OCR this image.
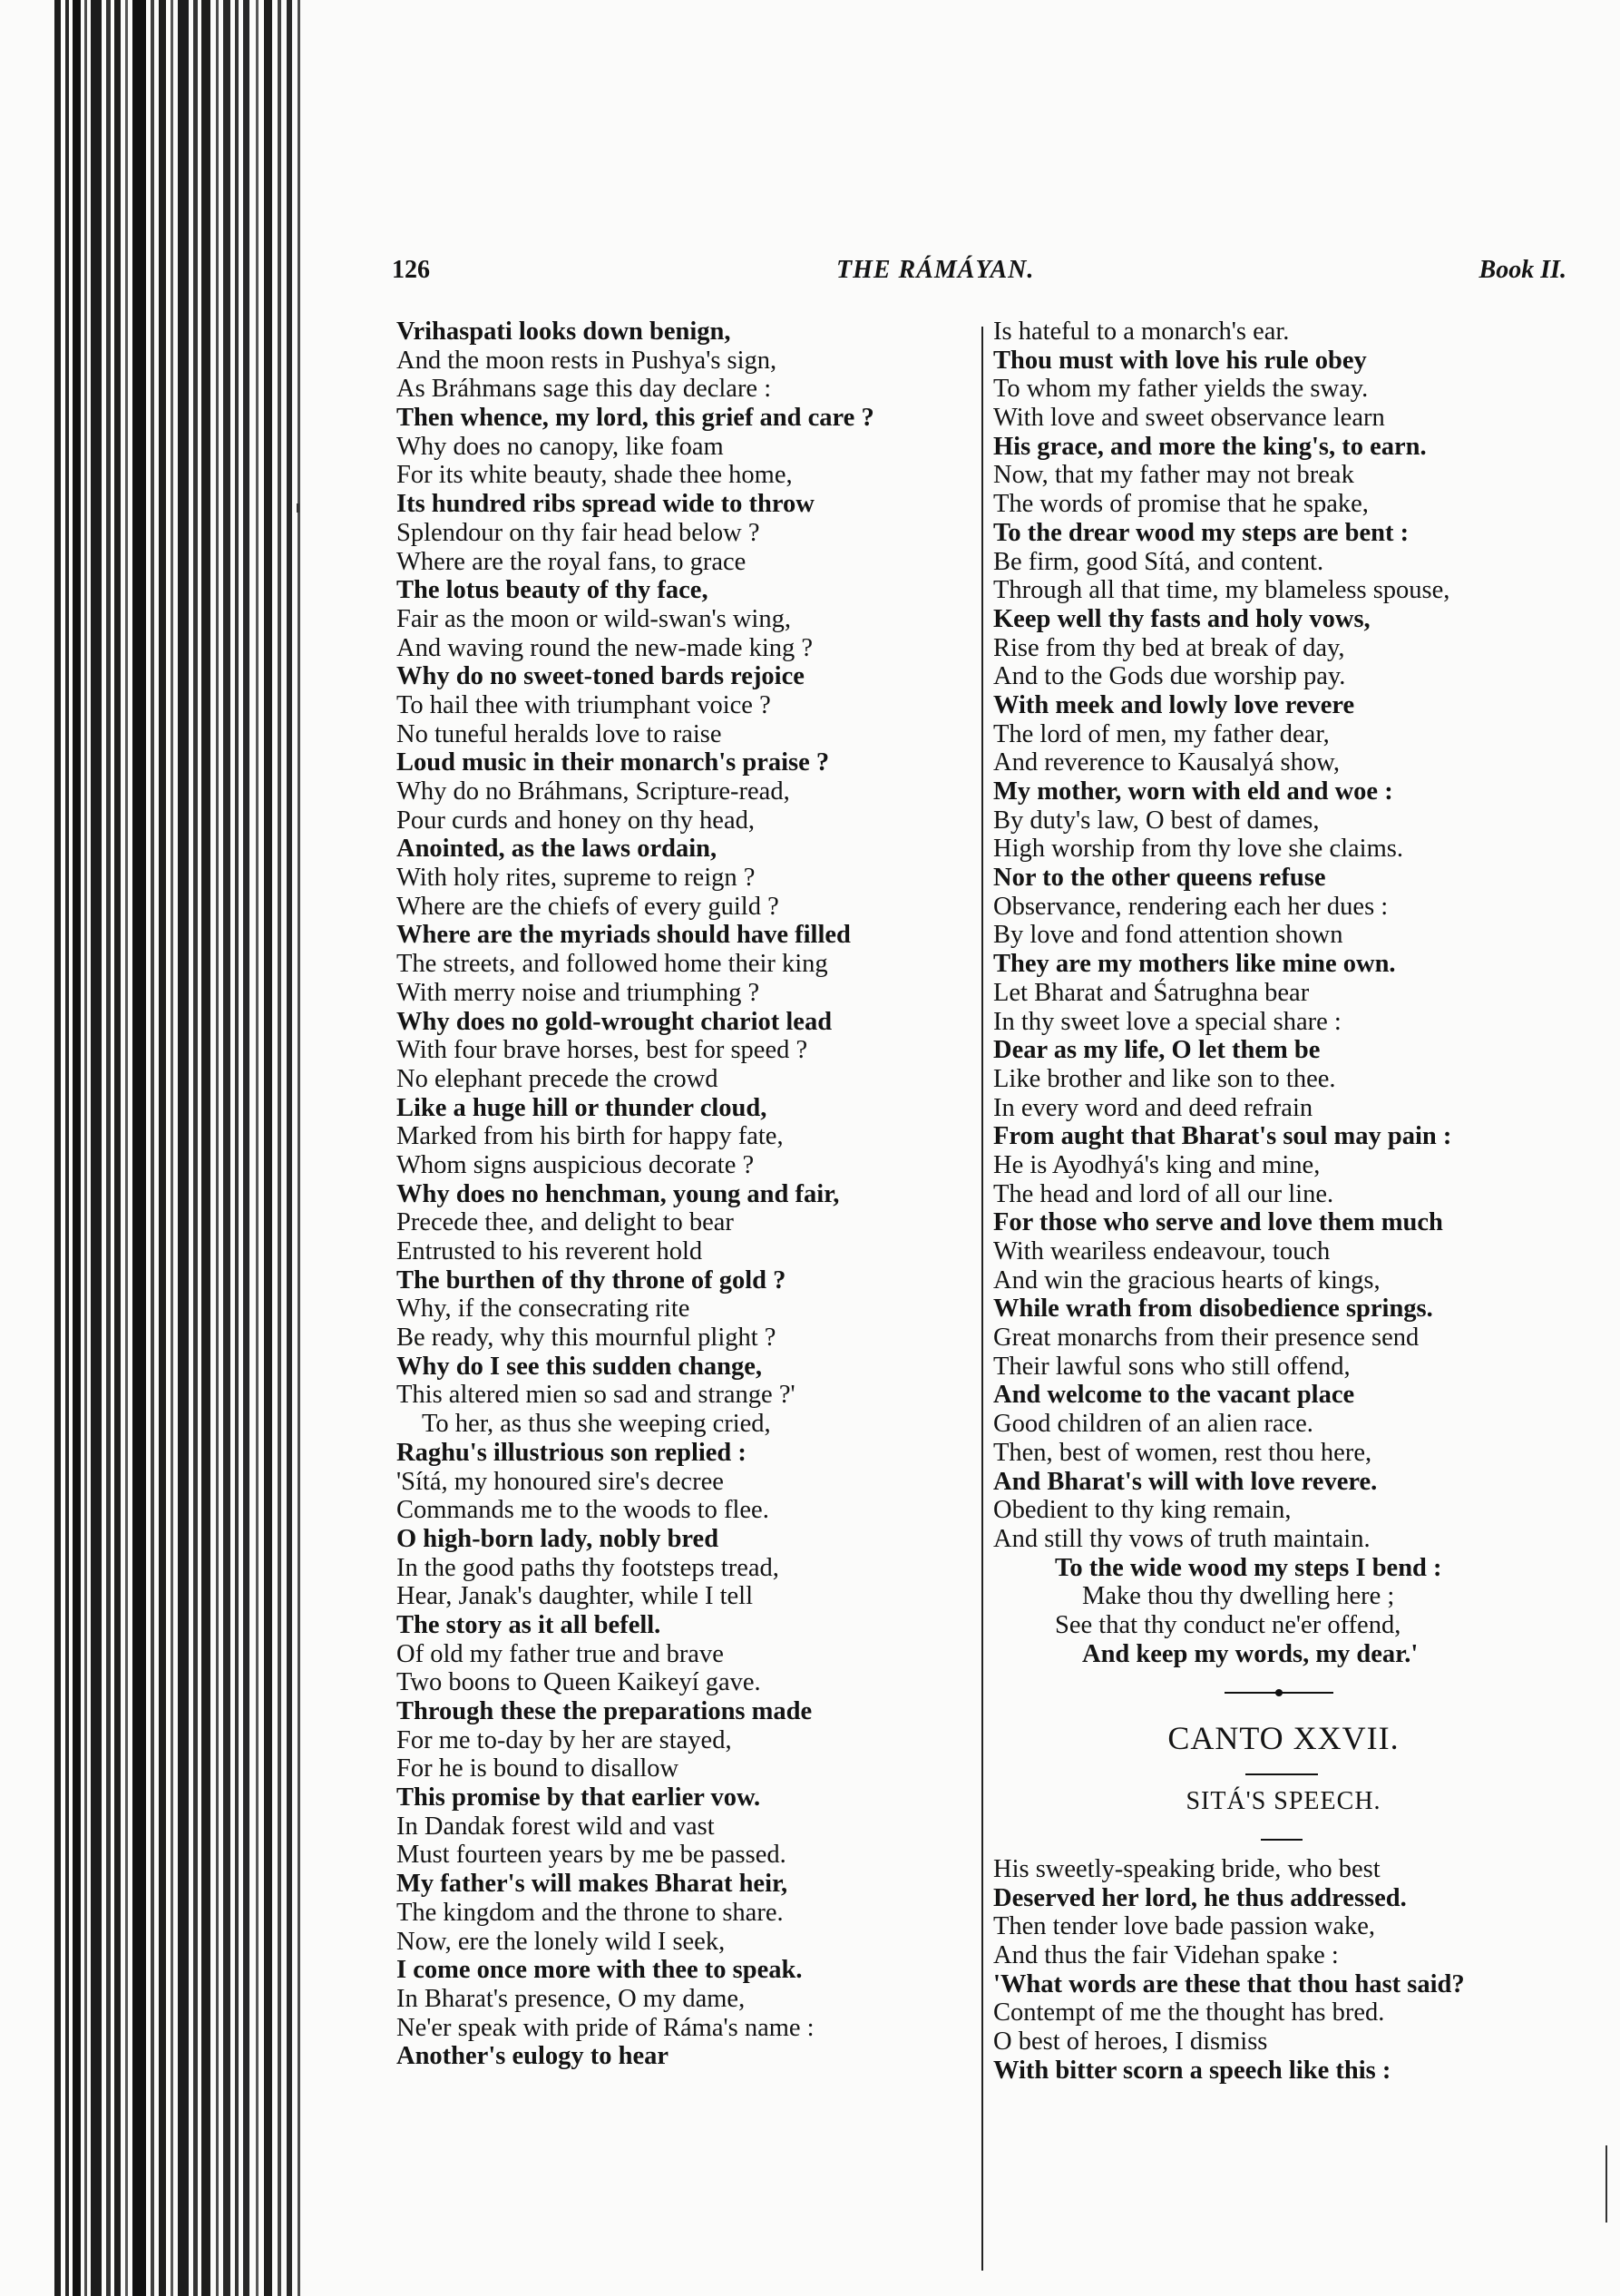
126	THE RÁMÁYAN.	Book II.
Vrihaspati looks down benign,
And the moon rests in Pushya's sign,
As Bráhmans sage this day declare :
Then whence, my lord, this grief and care ?
Why does no canopy, like foam
For its white beauty, shade thee home,
Its hundred ribs spread wide to throw
Splendour on thy fair head below ?
Where are the royal fans, to grace
The lotus beauty of thy face,
Fair as the moon or wild-swan's wing,
And waving round the new-made king ?
Why do no sweet-toned bards rejoice
To hail thee with triumphant voice ?
No tuneful heralds love to raise
Loud music in their monarch's praise ?
Why do no Bráhmans, Scripture-read,
Pour curds and honey on thy head,
Anointed, as the laws ordain,
With holy rites, supreme to reign ?
Where are the chiefs of every guild ?
Where are the myriads should have filled
The streets, and followed home their king
With merry noise and triumphing ?
Why does no gold-wrought chariot lead
With four brave horses, best for speed ?
No elephant precede the crowd
Like a huge hill or thunder cloud,
Marked from his birth for happy fate,
Whom signs auspicious decorate ?
Why does no henchman, young and fair,
Precede thee, and delight to bear
Entrusted to his reverent hold
The burthen of thy throne of gold ?
Why, if the consecrating rite
Be ready, why this mournful plight ?
Why do I see this sudden change,
This altered mien so sad and strange ?'
To her, as thus she weeping cried,
Raghu's illustrious son replied :
'Sítá, my honoured sire's decree
Commands me to the woods to flee.
O high-born lady, nobly bred
In the good paths thy footsteps tread,
Hear, Janak's daughter, while I tell
The story as it all befell.
Of old my father true and brave
Two boons to Queen Kaikeyí gave.
Through these the preparations made
For me to-day by her are stayed,
For he is bound to disallow
This promise by that earlier vow.
In Dandak forest wild and vast
Must fourteen years by me be passed.
My father's will makes Bharat heir,
The kingdom and the throne to share.
Now, ere the lonely wild I seek,
I come once more with thee to speak.
In Bharat's presence, O my dame,
Ne'er speak with pride of Ráma's name :
Another's eulogy to hear
Is hateful to a monarch's ear.
Thou must with love his rule obey
To whom my father yields the sway.
With love and sweet observance learn
His grace, and more the king's, to earn.
Now, that my father may not break
The words of promise that he spake,
To the drear wood my steps are bent :
Be firm, good Sítá, and content.
Through all that time, my blameless spouse,
Keep well thy fasts and holy vows,
Rise from thy bed at break of day,
And to the Gods due worship pay.
With meek and lowly love revere
The lord of men, my father dear,
And reverence to Kausalyá show,
My mother, worn with eld and woe :
By duty's law, O best of dames,
High worship from thy love she claims.
Nor to the other queens refuse
Observance, rendering each her dues :
By love and fond attention shown
They are my mothers like mine own.
Let Bharat and Śatrughna bear
In thy sweet love a special share :
Dear as my life, O let them be
Like brother and like son to thee.
In every word and deed refrain
From aught that Bharat's soul may pain :
He is Ayodhyá's king and mine,
The head and lord of all our line.
For those who serve and love them much
With weariless endeavour, touch
And win the gracious hearts of kings,
While wrath from disobedience springs.
Great monarchs from their presence send
Their lawful sons who still offend,
And welcome to the vacant place
Good children of an alien race.
Then, best of women, rest thou here,
And Bharat's will with love revere.
Obedient to thy king remain,
And still thy vows of truth maintain.
To the wide wood my steps I bend :
Make thou thy dwelling here ;
See that thy conduct ne'er offend,
And keep my words, my dear.'
CANTO XXVII.
SITÁ'S SPEECH.
His sweetly-speaking bride, who best
Deserved her lord, he thus addressed.
Then tender love bade passion wake,
And thus the fair Videhan spake :
'What words are these that thou hast said?
Contempt of me the thought has bred.
O best of heroes, I dismiss
With bitter scorn a speech like this :
